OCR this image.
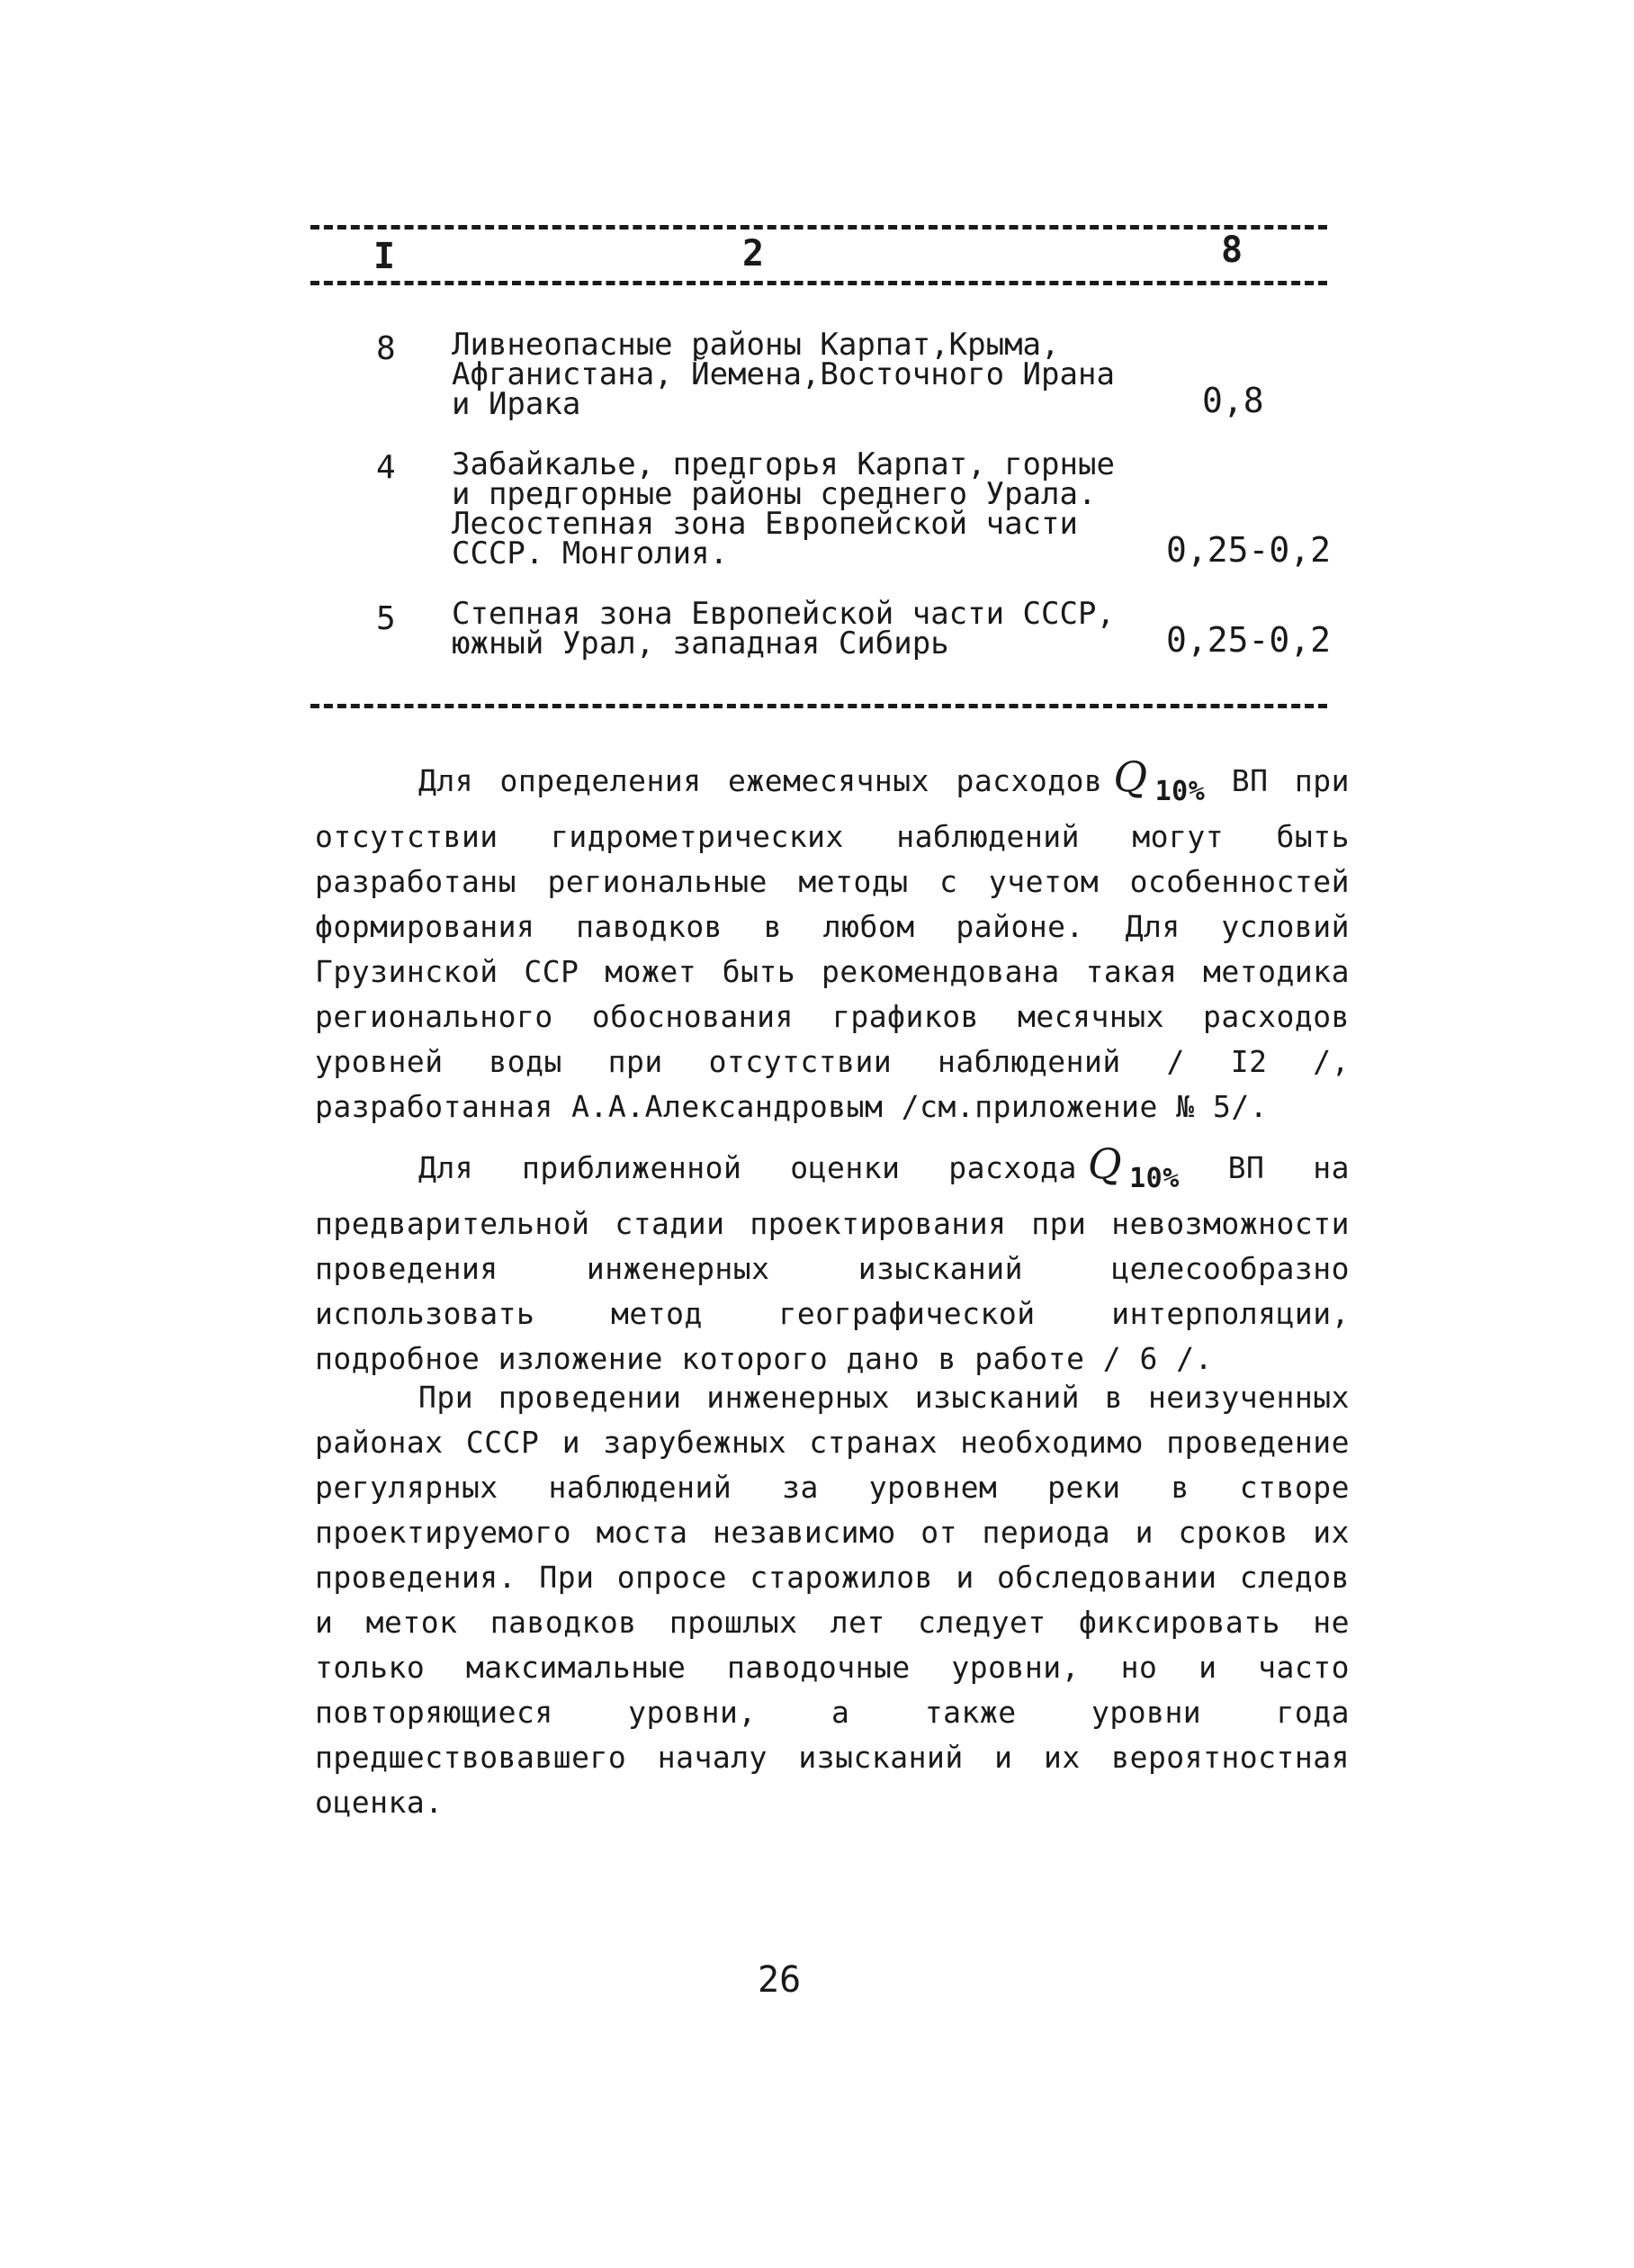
I	2	8
8 Ливнеопасные районы Карпат,Крыма,
Афганистана, Йемена,Восточного Ирана
и Ирака	0,8
4 Забайкалье, предгорья Карпат, горные
и предгорные районы среднего Урала.
Лесостепная зона Европейской части
СССР. Монголия.	0,25-0,2
5 Степная зона Европейской части СССР,
южный Урал, западная Сибирь	0,25-0,2
Для определения ежемесячных расходов Q 10% ВП при отсутствии гидрометрических наблюдений могут быть разработаны региональные методы с учетом особенностей формирования паводков в любом районе. Для условий Грузинской ССР может быть рекомендована такая методика регионального обоснования графиков месячных расходов уровней воды при отсутствии наблюдений / I2 /, разработанная А.А.Александровым /см.приложение № 5/.
Для приближенной оценки расхода Q 10% ВП на предварительной стадии проектирования при невозможности проведения инженерных изысканий целесообразно использовать метод географической интерполяции, подробное изложение которого дано в работе / 6 /.
При проведении инженерных изысканий в неизученных районах СССР и зарубежных странах необходимо проведение регулярных наблюдений за уровнем реки в створе проектируемого моста независимо от периода и сроков их проведения. При опросе старожилов и обследовании следов и меток паводков прошлых лет следует фиксировать не только максимальные паводочные уровни, но и часто повторяющиеся уровни, а также уровни года предшествовавшего началу изысканий и их вероятностная оценка.
26
